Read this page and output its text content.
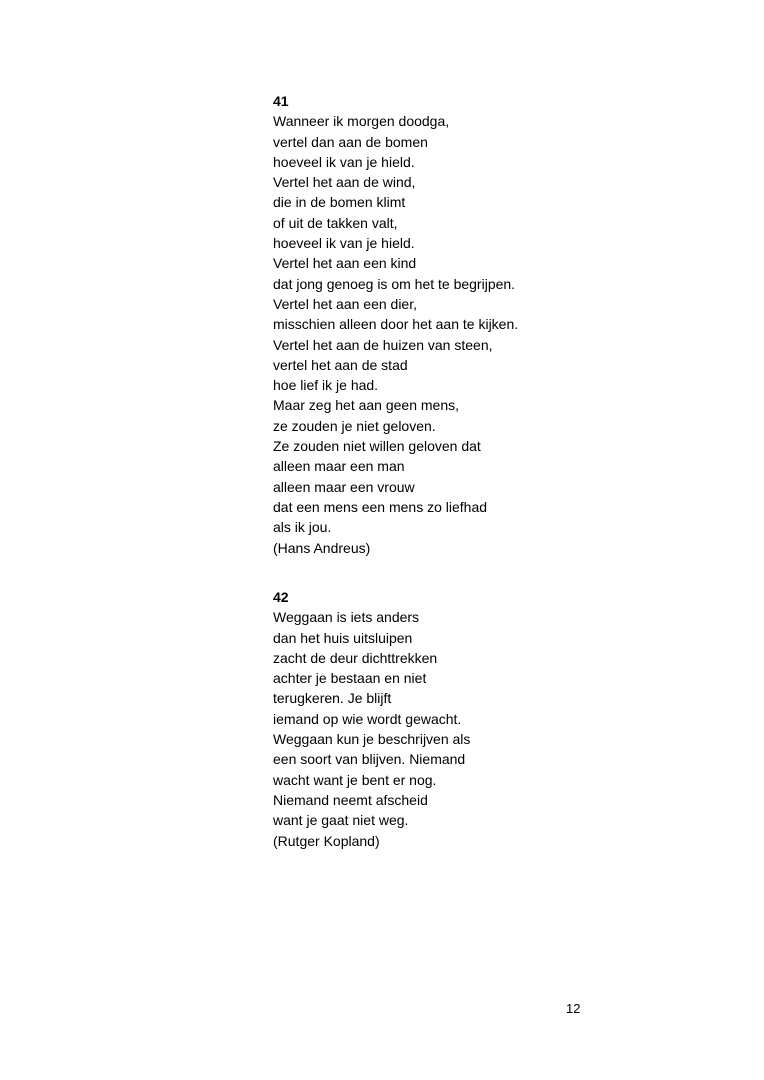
41
Wanneer ik morgen doodga,
vertel dan aan de bomen
hoeveel ik van je hield.
Vertel het aan de wind,
die in de bomen klimt
of uit de takken valt,
hoeveel ik van je hield.
Vertel het aan een kind
dat jong genoeg is om het te begrijpen.
Vertel het aan een dier,
misschien alleen door het aan te kijken.
Vertel het aan de huizen van steen,
vertel het aan de stad
hoe lief ik je had.
Maar zeg het aan geen mens,
ze zouden je niet geloven.
Ze zouden niet willen geloven dat
alleen maar een man
alleen maar een vrouw
dat een mens een mens zo liefhad
als ik jou.
(Hans Andreus)
42
Weggaan is iets anders
dan het huis uitsluipen
zacht de deur dichttrekken
achter je bestaan en niet
terugkeren. Je blijft
iemand op wie wordt gewacht.
Weggaan kun je beschrijven als
een soort van blijven. Niemand
wacht want je bent er nog.
Niemand neemt afscheid
want je gaat niet weg.
(Rutger Kopland)
12
